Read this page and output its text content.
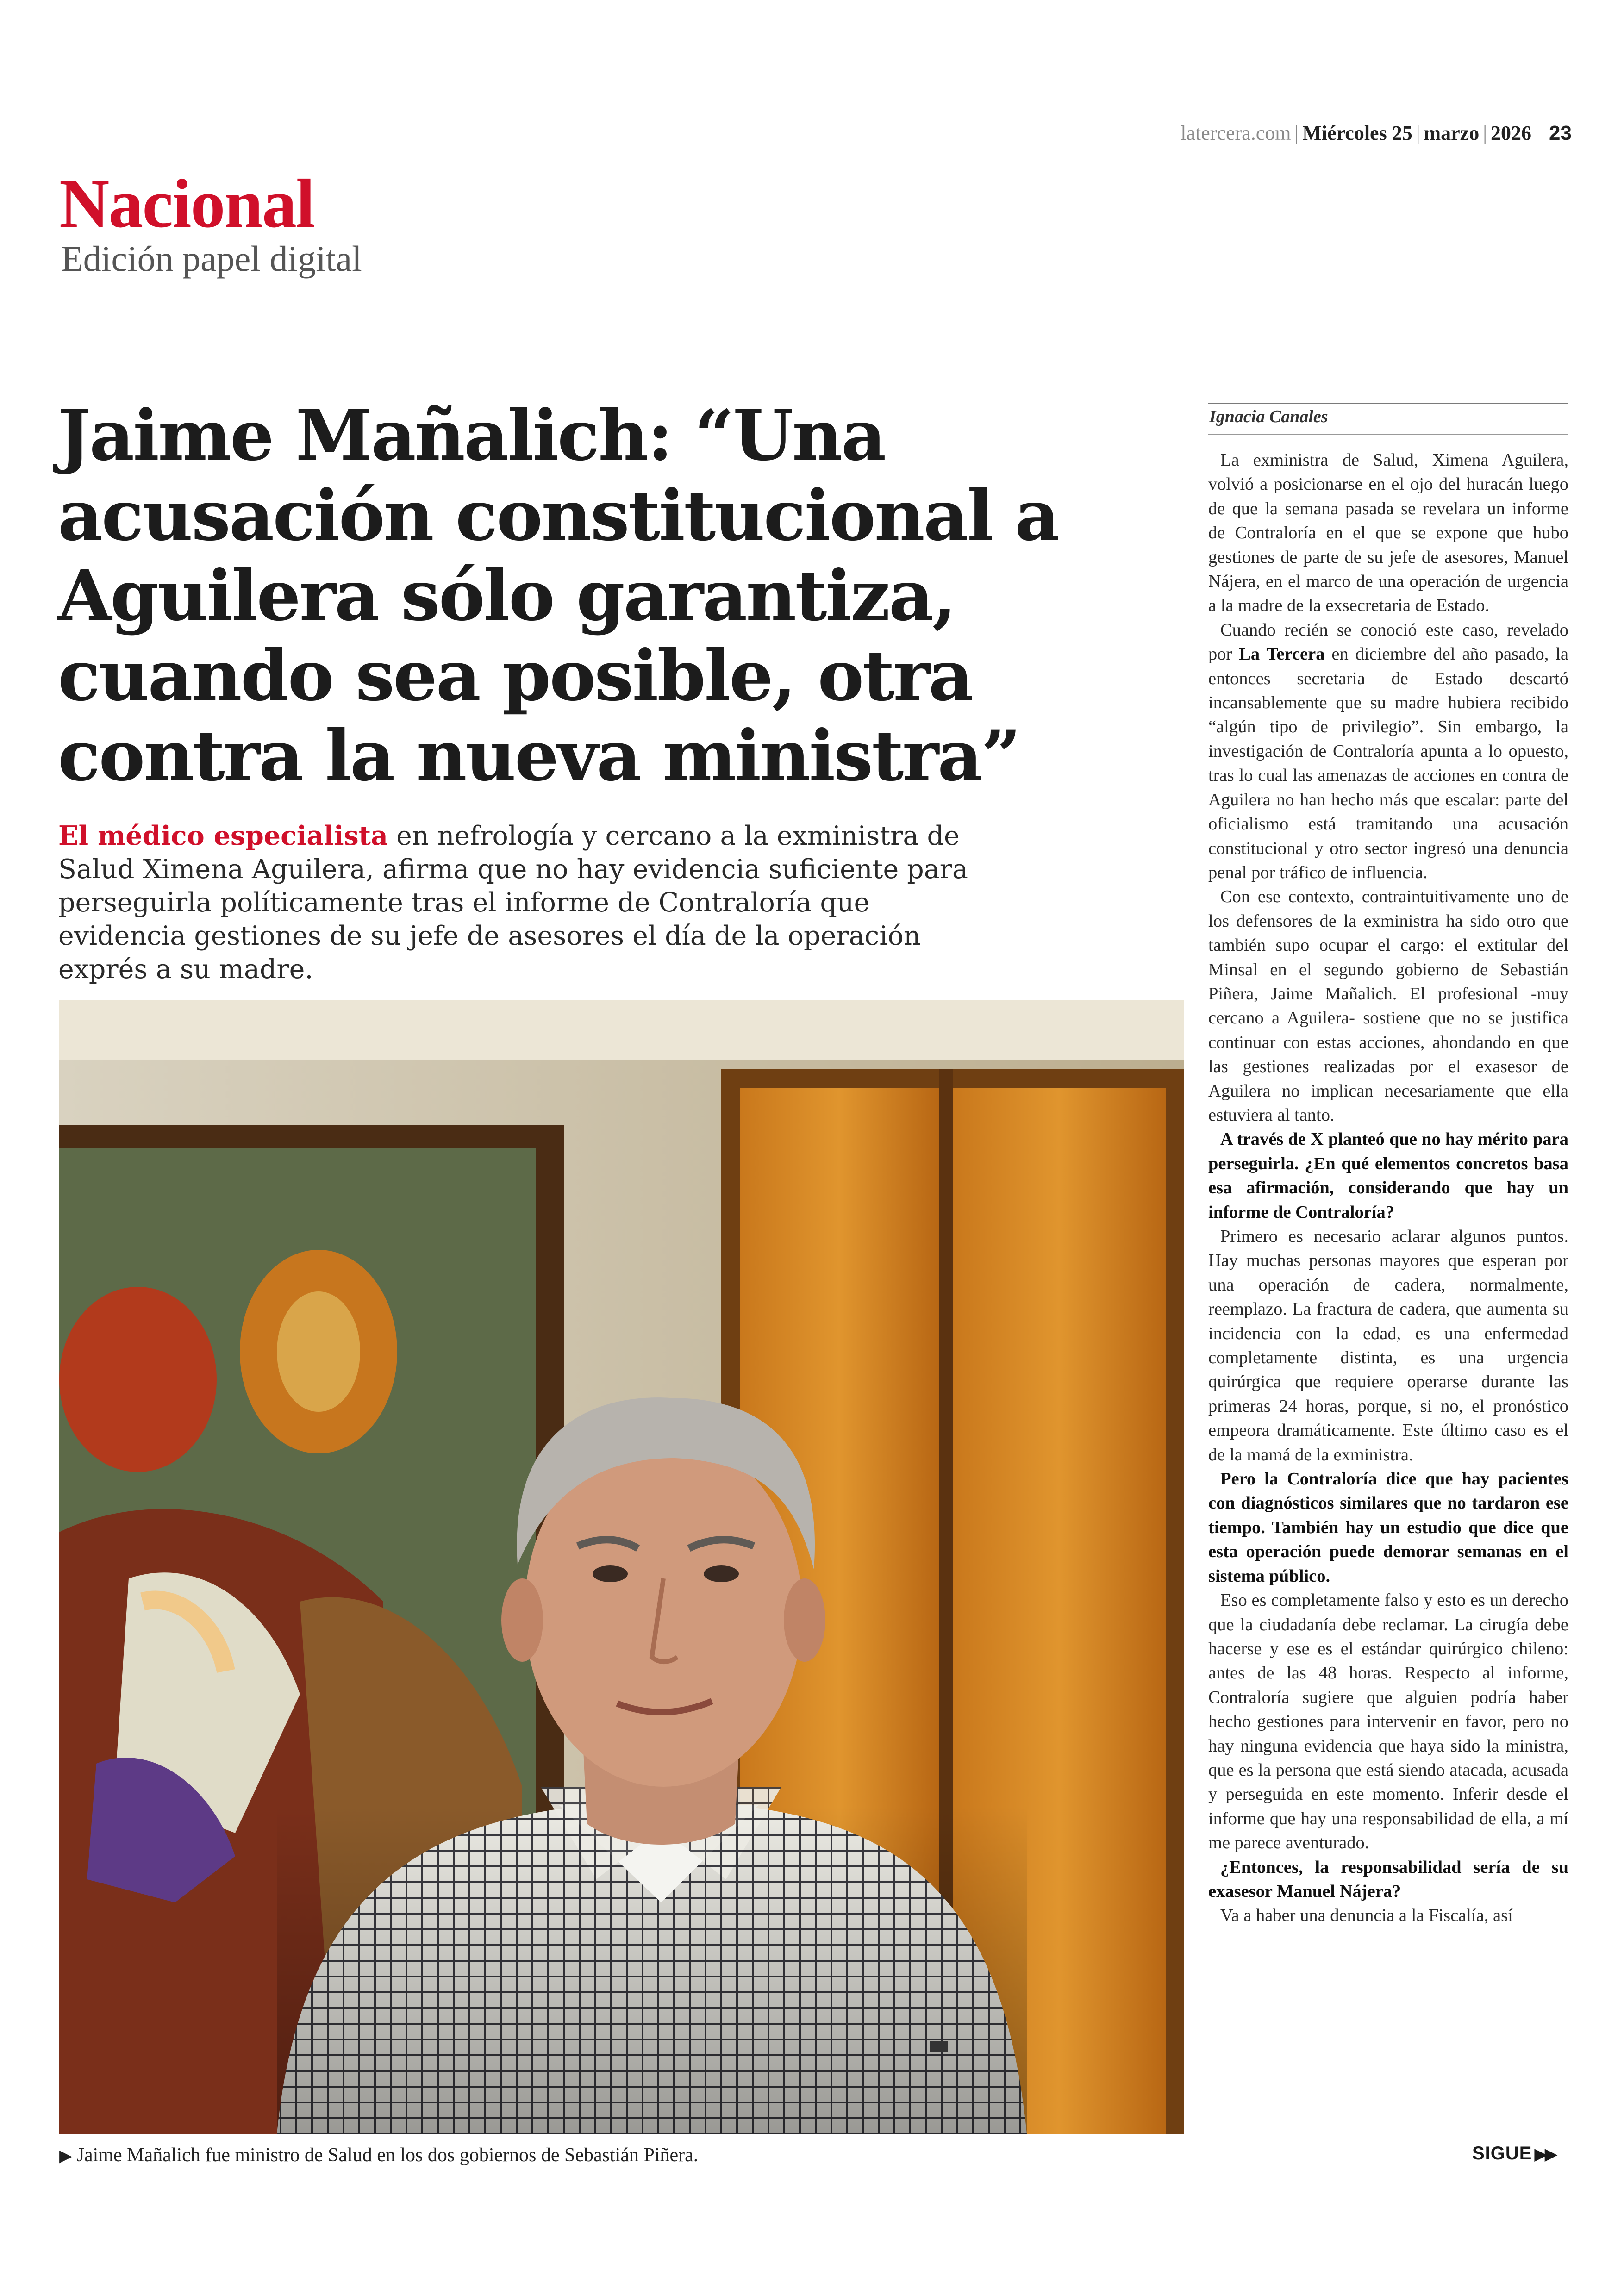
latercera.com | Miércoles 25 | marzo | 2026 23
Nacional
Edición papel digital
Jaime Mañalich: “Una acusación constitucional a Aguilera sólo garantiza, cuando sea posible, otra contra la nueva ministra”
El médico especialista en nefrología y cercano a la exministra de Salud Ximena Aguilera, afirma que no hay evidencia suficiente para perseguirla políticamente tras el informe de Contraloría que evidencia gestiones de su jefe de asesores el día de la operación exprés a su madre.
▶ Jaime Mañalich fue ministro de Salud en los dos gobiernos de Sebastián Piñera.
Ignacia Canales

La exministra de Salud, Ximena Aguilera, volvió a posicionarse en el ojo del huracán luego de que la semana pasada se revelara un informe de Contraloría en el que se expone que hubo gestiones de parte de su jefe de asesores, Manuel Nájera, en el marco de una operación de urgencia a la madre de la exsecretaria de Estado.

Cuando recién se conoció este caso, revelado por La Tercera en diciembre del año pasado, la entonces secretaria de Estado descartó incansablemente que su madre hubiera recibido “algún tipo de privilegio”. Sin embargo, la investigación de Contraloría apunta a lo opuesto, tras lo cual las amenazas de acciones en contra de Aguilera no han hecho más que escalar: parte del oficialismo está tramitando una acusación constitucional y otro sector ingresó una denuncia penal por tráfico de influencia.

Con ese contexto, contraintuitivamente uno de los defensores de la exministra ha sido otro que también supo ocupar el cargo: el extitular del Minsal en el segundo gobierno de Sebastián Piñera, Jaime Mañalich. El profesional -muy cercano a Aguilera- sostiene que no se justifica continuar con estas acciones, ahondando en que las gestiones realizadas por el exasesor de Aguilera no implican necesariamente que ella estuviera al tanto.

A través de X planteó que no hay mérito para perseguirla. ¿En qué elementos concretos basa esa afirmación, considerando que hay un informe de Contraloría?

Primero es necesario aclarar algunos puntos. Hay muchas personas mayores que esperan por una operación de cadera, normalmente, reemplazo. La fractura de cadera, que aumenta su incidencia con la edad, es una enfermedad completamente distinta, es una urgencia quirúrgica que requiere operarse durante las primeras 24 horas, porque, si no, el pronóstico empeora dramáticamente. Este último caso es el de la mamá de la exministra.

Pero la Contraloría dice que hay pacientes con diagnósticos similares que no tardaron ese tiempo. También hay un estudio que dice que esta operación puede demorar semanas en el sistema público.

Eso es completamente falso y esto es un derecho que la ciudadanía debe reclamar. La cirugía debe hacerse y ese es el estándar quirúrgico chileno: antes de las 48 horas. Respecto al informe, Contraloría sugiere que alguien podría haber hecho gestiones para intervenir en favor, pero no hay ninguna evidencia que haya sido la ministra, que es la persona que está siendo atacada, acusada y perseguida en este momento. Inferir desde el informe que hay una responsabilidad de ella, a mí me parece aventurado.

¿Entonces, la responsabilidad sería de su exasesor Manuel Nájera?

Va a haber una denuncia a la Fiscalía, así

SIGUE ▶▶
